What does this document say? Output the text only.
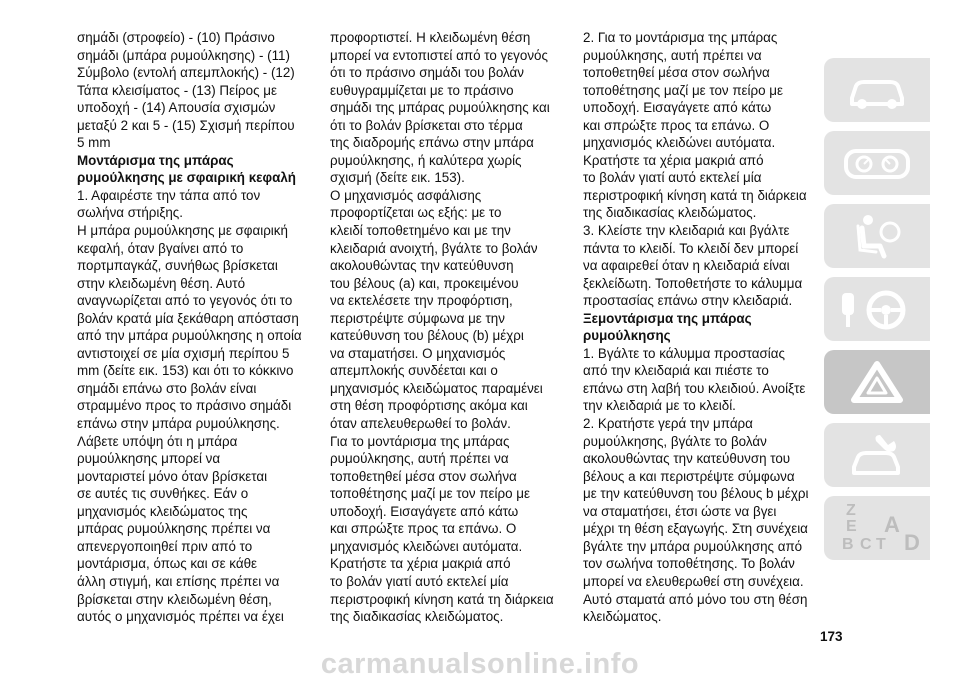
σημάδι (στροφείο) - (10) Πράσινο
σημάδι (μπάρα ρυμούλκησης) - (11)
Σύμβολο (εντολή απεμπλοκής) - (12)
Τάπα κλεισίματος - (13) Πείρος με
υποδοχή - (14) Απουσία σχισμών
μεταξύ 2 και 5 - (15) Σχισμή περίπου
5 mm
Μοντάρισμα της μπάρας
ρυμούλκησης με σφαιρική κεφαλή
1. Αφαιρέστε την τάπα από τον
σωλήνα στήριξης.
Η μπάρα ρυμούλκησης με σφαιρική
κεφαλή, όταν βγαίνει από το
πορτμπαγκάζ, συνήθως βρίσκεται
στην κλειδωμένη θέση. Αυτό
αναγνωρίζεται από το γεγονός ότι το
βολάν κρατά μία ξεκάθαρη απόσταση
από την μπάρα ρυμούλκησης η οποία
αντιστοιχεί σε μία σχισμή περίπου 5
mm (δείτε εικ. 153) και ότι το κόκκινο
σημάδι επάνω στο βολάν είναι
στραμμένο προς το πράσινο σημάδι
επάνω στην μπάρα ρυμούλκησης.
Λάβετε υπόψη ότι η μπάρα
ρυμούλκησης μπορεί να
μονταριστεί μόνο όταν βρίσκεται
σε αυτές τις συνθήκες. Εάν ο
μηχανισμός κλειδώματος της
μπάρας ρυμούλκησης πρέπει να
απενεργοποιηθεί πριν από το
μοντάρισμα, όπως και σε κάθε
άλλη στιγμή, και επίσης πρέπει να
βρίσκεται στην κλειδωμένη θέση,
αυτός ο μηχανισμός πρέπει να έχει
προφορτιστεί. Η κλειδωμένη θέση
μπορεί να εντοπιστεί από το γεγονός
ότι το πράσινο σημάδι του βολάν
ευθυγραμμίζεται με το πράσινο
σημάδι της μπάρας ρυμούλκησης και
ότι το βολάν βρίσκεται στο τέρμα
της διαδρομής επάνω στην μπάρα
ρυμούλκησης, ή καλύτερα χωρίς
σχισμή (δείτε εικ. 153).
Ο μηχανισμός ασφάλισης
προφορτίζεται ως εξής: με το
κλειδί τοποθετημένο και με την
κλειδαριά ανοιχτή, βγάλτε το βολάν
ακολουθώντας την κατεύθυνση
του βέλους (a) και, προκειμένου
να εκτελέσετε την προφόρτιση,
περιστρέψτε σύμφωνα με την
κατεύθυνση του βέλους (b) μέχρι
να σταματήσει. Ο μηχανισμός
απεμπλοκής συνδέεται και ο
μηχανισμός κλειδώματος παραμένει
στη θέση προφόρτισης ακόμα και
όταν απελευθερωθεί το βολάν.
Για το μοντάρισμα της μπάρας
ρυμούλκησης, αυτή πρέπει να
τοποθετηθεί μέσα στον σωλήνα
τοποθέτησης μαζί με τον πείρο με
υποδοχή. Εισαγάγετε από κάτω
και σπρώξτε προς τα επάνω. Ο
μηχανισμός κλειδώνει αυτόματα.
Κρατήστε τα χέρια μακριά από
το βολάν γιατί αυτό εκτελεί μία
περιστροφική κίνηση κατά τη διάρκεια
της διαδικασίας κλειδώματος.
2. Για το μοντάρισμα της μπάρας
ρυμούλκησης, αυτή πρέπει να
τοποθετηθεί μέσα στον σωλήνα
τοποθέτησης μαζί με τον πείρο με
υποδοχή. Εισαγάγετε από κάτω
και σπρώξτε προς τα επάνω. Ο
μηχανισμός κλειδώνει αυτόματα.
Κρατήστε τα χέρια μακριά από
το βολάν γιατί αυτό εκτελεί μία
περιστροφική κίνηση κατά τη διάρκεια
της διαδικασίας κλειδώματος.
3. Κλείστε την κλειδαριά και βγάλτε
πάντα το κλειδί. Το κλειδί δεν μπορεί
να αφαιρεθεί όταν η κλειδαριά είναι
ξεκλείδωτη. Τοποθετήστε το κάλυμμα
προστασίας επάνω στην κλειδαριά.
Ξεμοντάρισμα της μπάρας
ρυμούλκησης
1. Βγάλτε το κάλυμμα προστασίας
από την κλειδαριά και πιέστε το
επάνω στη λαβή του κλειδιού. Ανοίξτε
την κλειδαριά με το κλειδί.
2. Κρατήστε γερά την μπάρα
ρυμούλκησης, βγάλτε το βολάν
ακολουθώντας την κατεύθυνση του
βέλους a και περιστρέψτε σύμφωνα
με την κατεύθυνση του βέλους b μέχρι
να σταματήσει, έτσι ώστε να βγει
μέχρι τη θέση εξαγωγής. Στη συνέχεια
βγάλτε την μπάρα ρυμούλκησης από
τον σωλήνα τοποθέτησης. Το βολάν
μπορεί να ελευθερωθεί στη συνέχεια.
Αυτό σταματά από μόνο του στη θέση
κλειδώματος.
173
Z
E A
B C T D
carmanualsonline.info
